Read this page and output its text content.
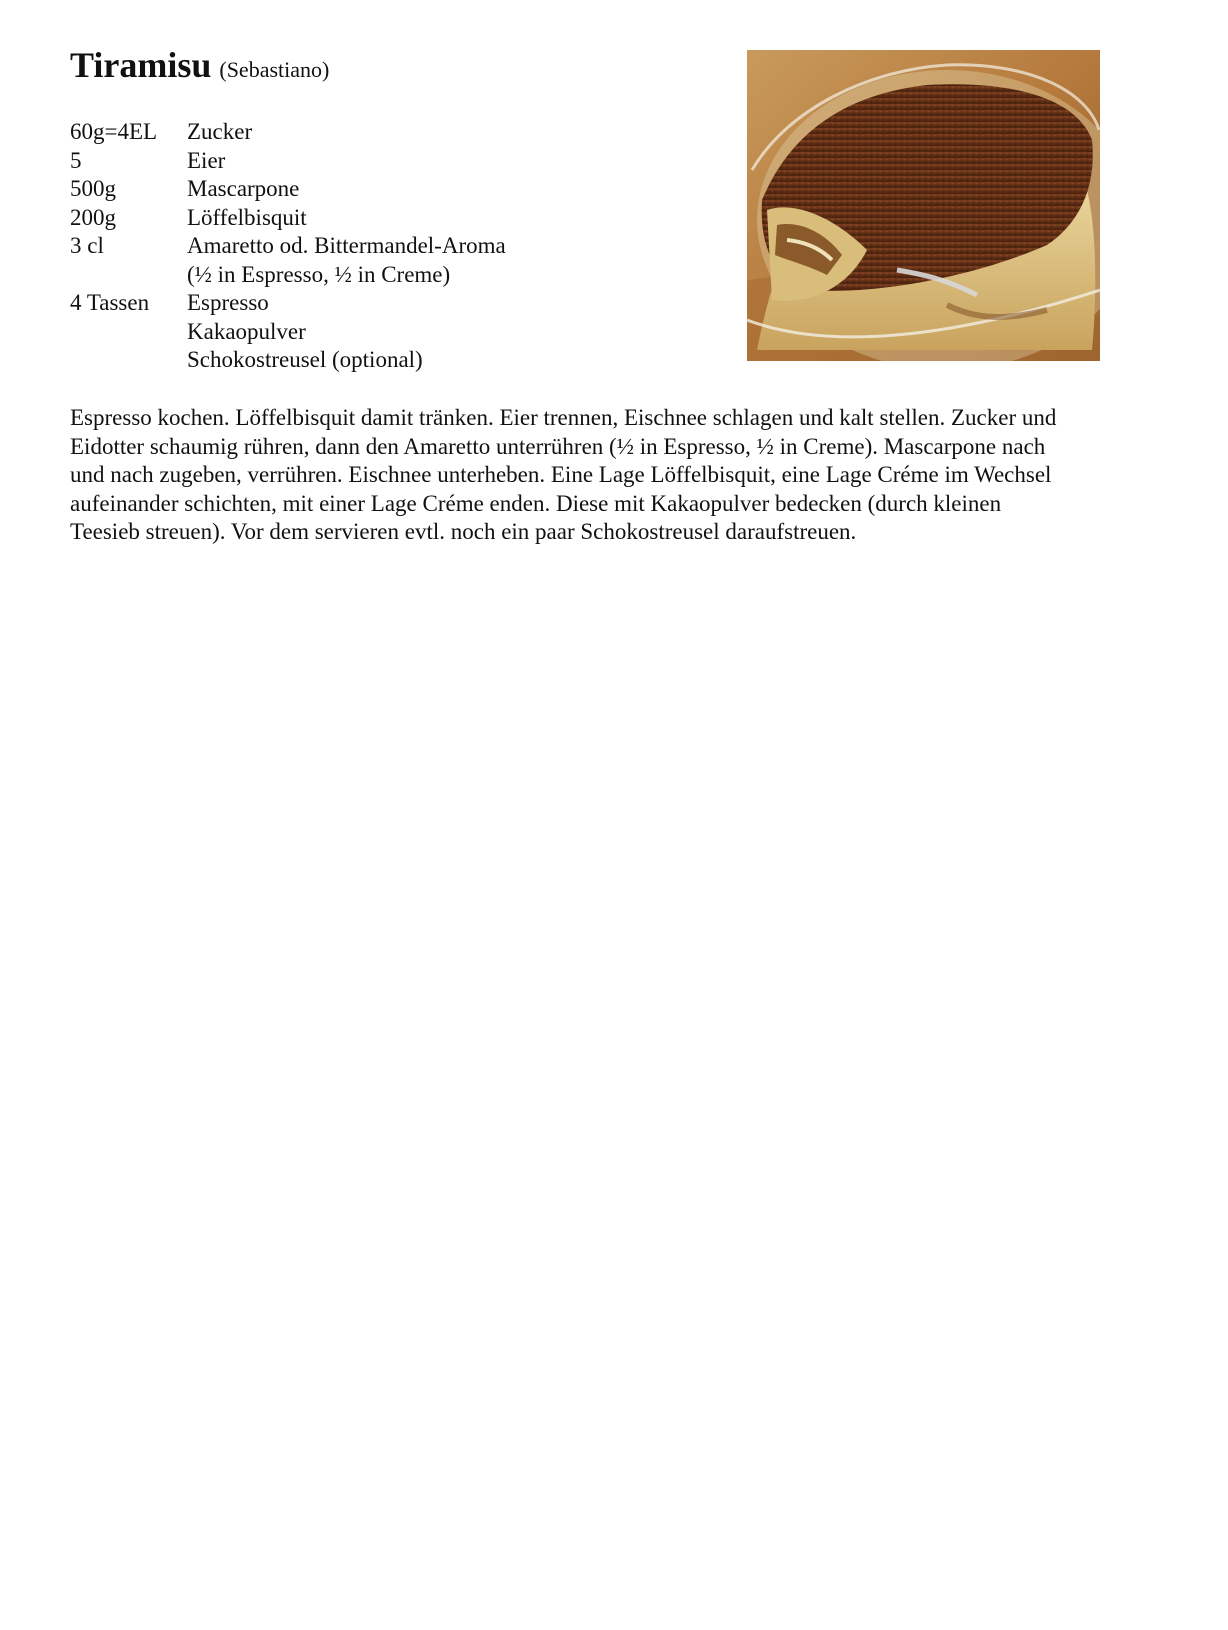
Tiramisu (Sebastiano)
60g=4EL	Zucker
5	Eier
500g	Mascarpone
200g	Löffelbisquit
3 cl	Amaretto od. Bittermandel-Aroma
(½ in Espresso, ½ in Creme)
4 Tassen	Espresso
Kakaopulver
Schokostreusel (optional)
Espresso kochen. Löffelbisquit damit tränken. Eier trennen, Eischnee schlagen und kalt stellen. Zucker und
Eidotter schaumig rühren, dann den Amaretto unterrühren (½ in Espresso, ½ in Creme). Mascarpone nach
und nach zugeben, verrühren. Eischnee unterheben. Eine Lage Löffelbisquit, eine Lage Créme im Wechsel
aufeinander schichten, mit einer Lage Créme enden. Diese mit Kakaopulver bedecken (durch kleinen
Teesieb streuen). Vor dem servieren evtl. noch ein paar Schokostreusel daraufstreuen.
